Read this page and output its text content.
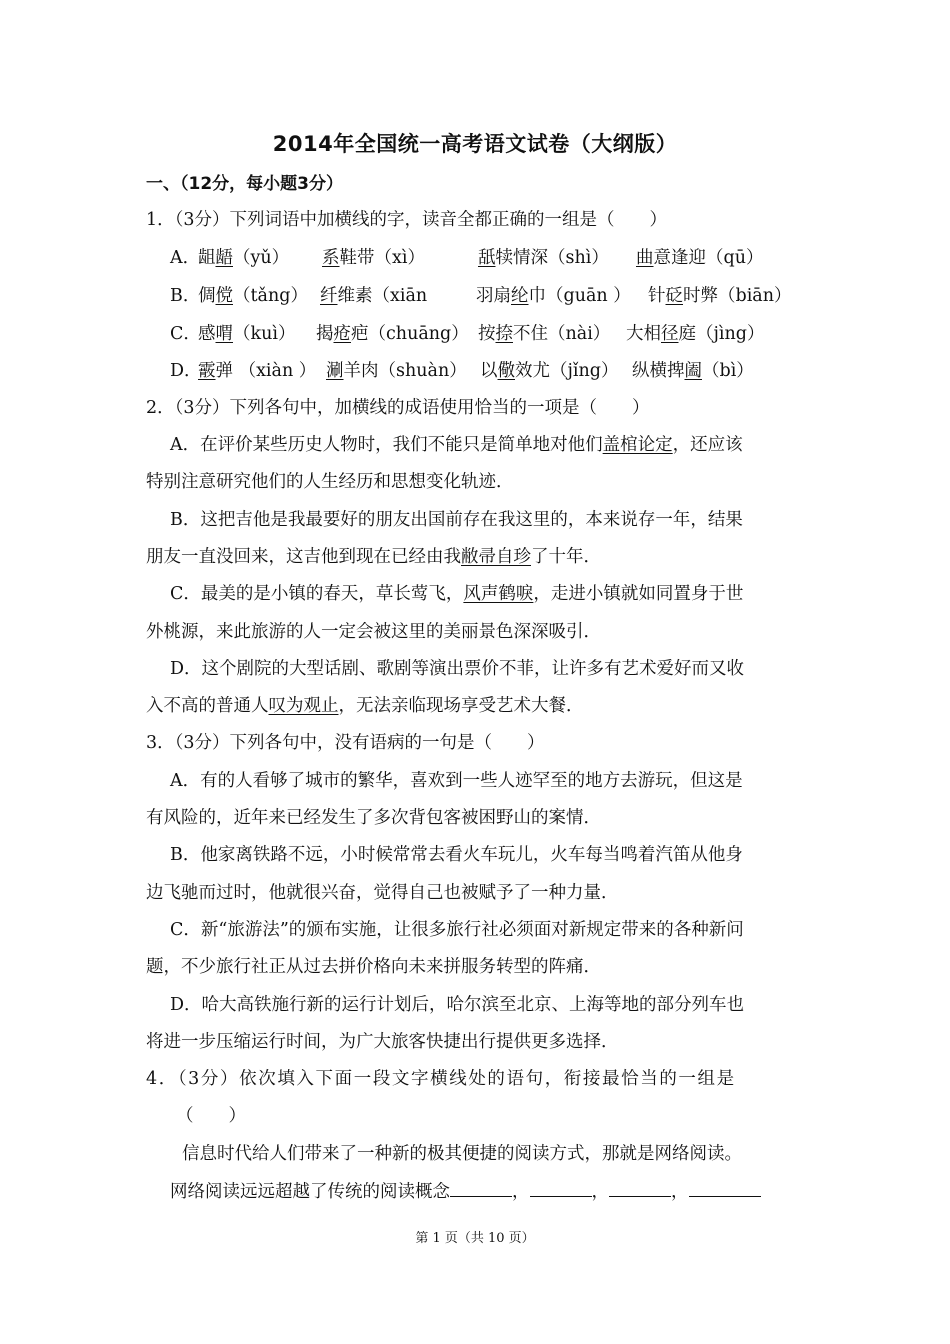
2014年全国统一高考语文试卷（大纲版）
一、（12分，每小题3分）
1．（3分）下列词语中加横线的字，读音全都正确的一组是（　　）
A．
龃龉（yǔ） 系鞋带（xì）	舐犊情深（shì） 曲意逢迎（qū）
B．
倜傥（tǎng） 纤维素（xiān	羽扇纶巾（guān ） 针砭时弊（biān）
C．
感喟（kuì） 揭疮疤（chuāng） 按捺不住（nài） 大相径庭（jìng）
D．
霰弹 （xiàn ） 涮羊肉（shuàn） 以儆效尤（jǐng） 纵横捭阖（bì）
2．（3分）下列各句中，加横线的成语使用恰当的一项是（　　）
A．在评价某些历史人物时，我们不能只是简单地对他们盖棺论定，还应该
特别注意研究他们的人生经历和思想变化轨迹．
B．这把吉他是我最要好的朋友出国前存在我这里的，本来说存一年，结果
朋友一直没回来，这吉他到现在已经由我敝帚自珍了十年．
C．最美的是小镇的春天，草长莺飞，风声鹤唳，走进小镇就如同置身于世
外桃源，来此旅游的人一定会被这里的美丽景色深深吸引．
D．这个剧院的大型话剧、歌剧等演出票价不菲，让许多有艺术爱好而又收
入不高的普通人叹为观止，无法亲临现场享受艺术大餐．
3．（3分）下列各句中，没有语病的一句是（　　）
A．有的人看够了城市的繁华，喜欢到一些人迹罕至的地方去游玩，但这是
有风险的，近年来已经发生了多次背包客被困野山的案情．
B．他家离铁路不远，小时候常常去看火车玩儿，火车每当鸣着汽笛从他身
边飞驰而过时，他就很兴奋，觉得自己也被赋予了一种力量．
C．新“旅游法”的颁布实施，让很多旅行社必须面对新规定带来的各种新问
题，不少旅行社正从过去拼价格向未来拼服务转型的阵痛．
D．哈大高铁施行新的运行计划后，哈尔滨至北京、上海等地的部分列车也
将进一步压缩运行时间，为广大旅客快捷出行提供更多选择．
4．（3分）依次填入下面一段文字横线处的语句，衔接最恰当的一组是
（　　）
信息时代给人们带来了一种新的极其便捷的阅读方式，那就是网络阅读。
网络阅读远远超越了传统的阅读概念	，	，	，
第 1 页（共 10 页）
